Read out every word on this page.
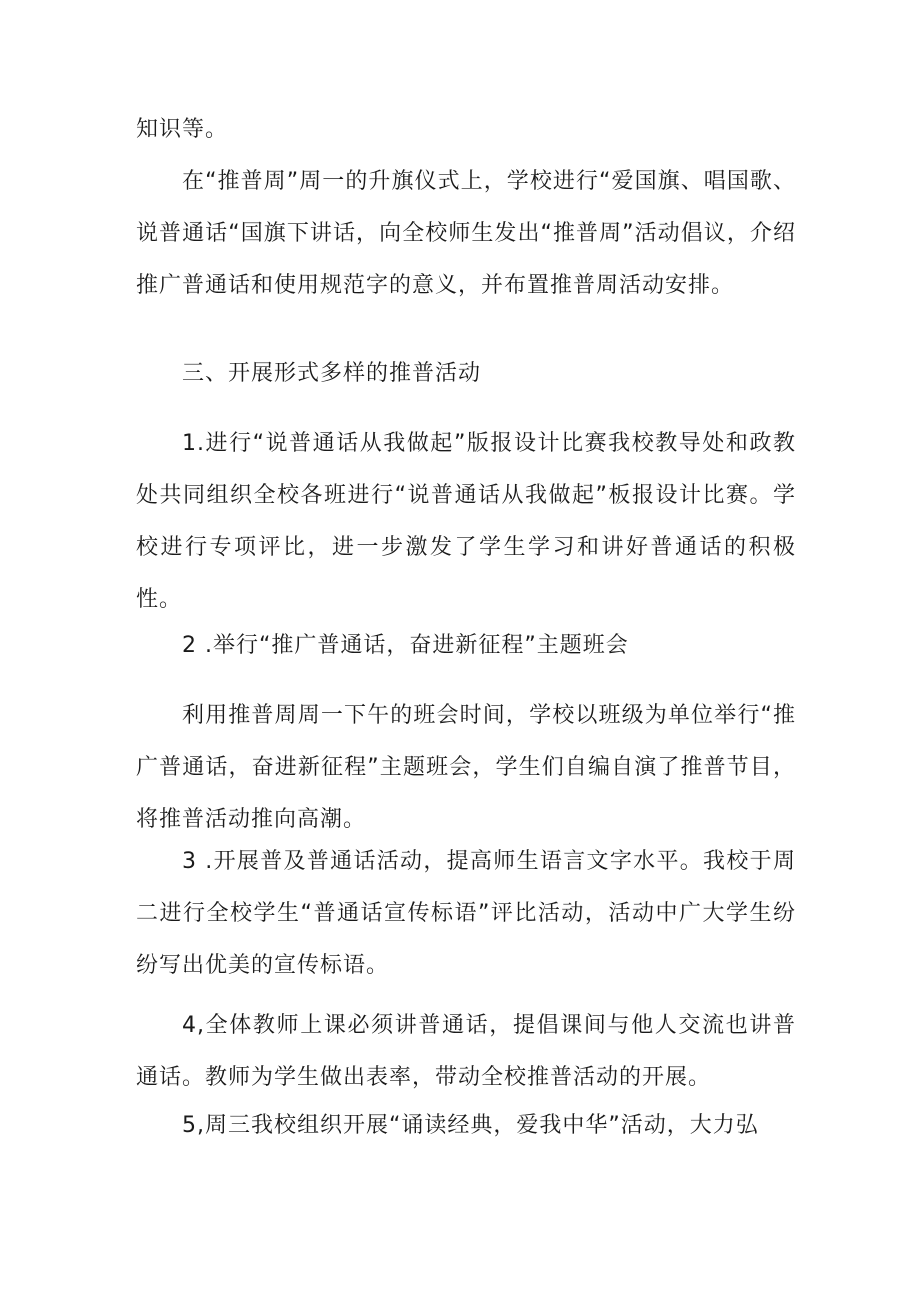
知识等。

在“推普周”周一的升旗仪式上，学校进行“爱国旗、唱国歌、说普通话“国旗下讲话，向全校师生发出“推普周”活动倡议，介绍推广普通话和使用规范字的意义，并布置推普周活动安排。

三、开展形式多样的推普活动

1.进行“说普通话从我做起”版报设计比赛我校教导处和政教处共同组织全校各班进行“说普通话从我做起”板报设计比赛。学校进行专项评比，进一步激发了学生学习和讲好普通话的积极性。

2 .举行“推广普通话，奋进新征程”主题班会

利用推普周周一下午的班会时间，学校以班级为单位举行“推广普通话，奋进新征程”主题班会，学生们自编自演了推普节目，将推普活动推向高潮。

3 .开展普及普通话活动，提高师生语言文字水平。我校于周二进行全校学生“普通话宣传标语”评比活动，活动中广大学生纷纷写出优美的宣传标语。

4,全体教师上课必须讲普通话，提倡课间与他人交流也讲普通话。教师为学生做出表率，带动全校推普活动的开展。

5,周三我校组织开展“诵读经典，爱我中华”活动，大力弘
